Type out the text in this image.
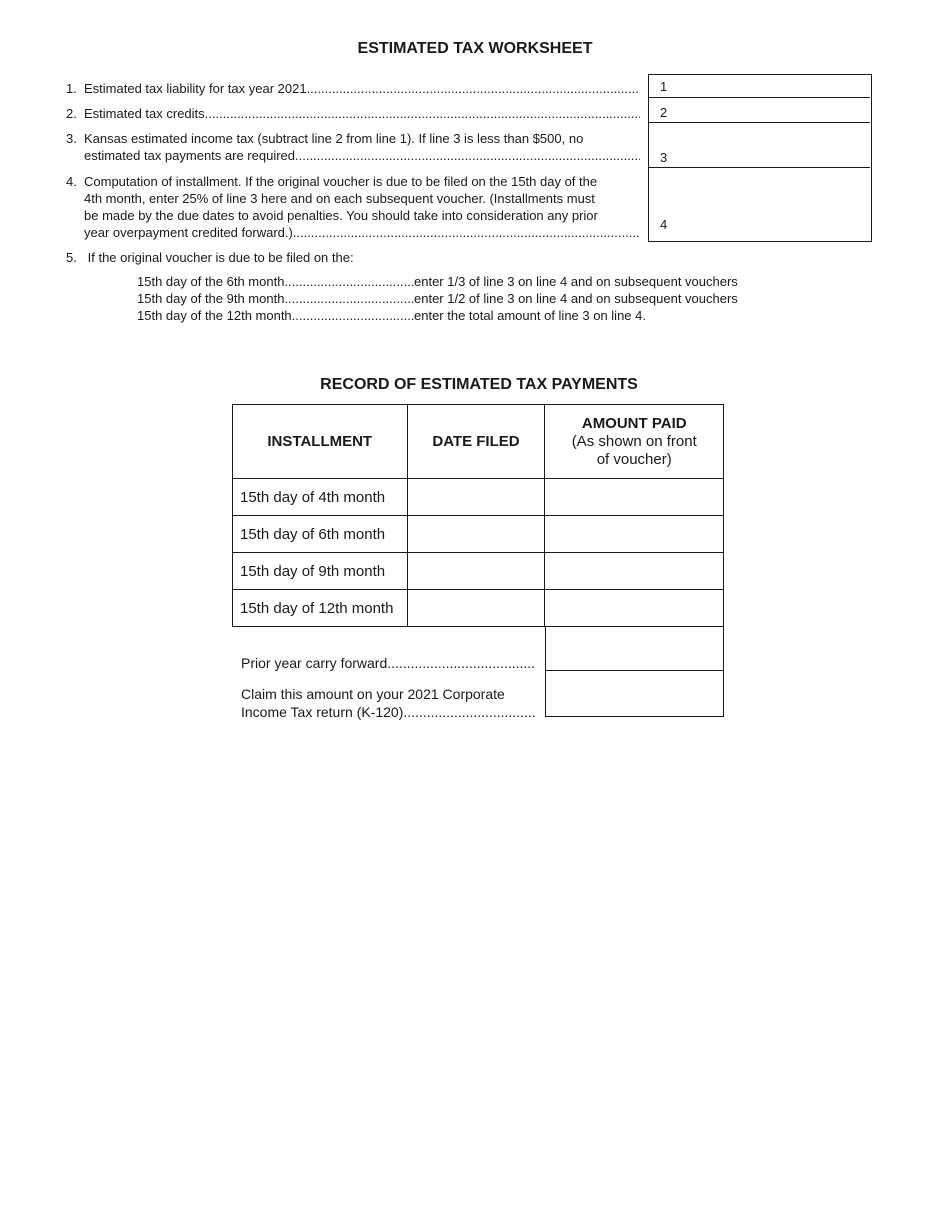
ESTIMATED TAX WORKSHEET
1. Estimated tax liability for tax year 2021
.....
2. Estimated tax credits
.....
3. Kansas estimated income tax (subtract line 2 from line 1). If line 3 is less than $500, no
estimated tax payments are required
.....
4. Computation of installment. If the original voucher is due to be filed on the 15th day of the
4th month, enter 25% of line 3 here and on each subsequent voucher. (Installments must
be made by the due dates to avoid penalties. You should take into consideration any prior
year overpayment credited forward.)
.....
1
2
3
4
5. If the original voucher is due to be filed on the:
15th day of the 6th month .....	enter 1/3 of line 3 on line 4 and on subsequent vouchers
15th day of the 9th month .....	enter 1/2 of line 3 on line 4 and on subsequent vouchers
15th day of the 12th month .....	enter the total amount of line 3 on line 4.
RECORD OF ESTIMATED TAX PAYMENTS
INSTALLMENT	DATE FILED	AMOUNT PAID
(As shown on front
of voucher)

15th day of 4th month		
15th day of 6th month		
15th day of 9th month		
15th day of 12th month		
Prior year carry forward
.....
Claim this amount on your 2021 Corporate
Income Tax return (K-120)
.....
